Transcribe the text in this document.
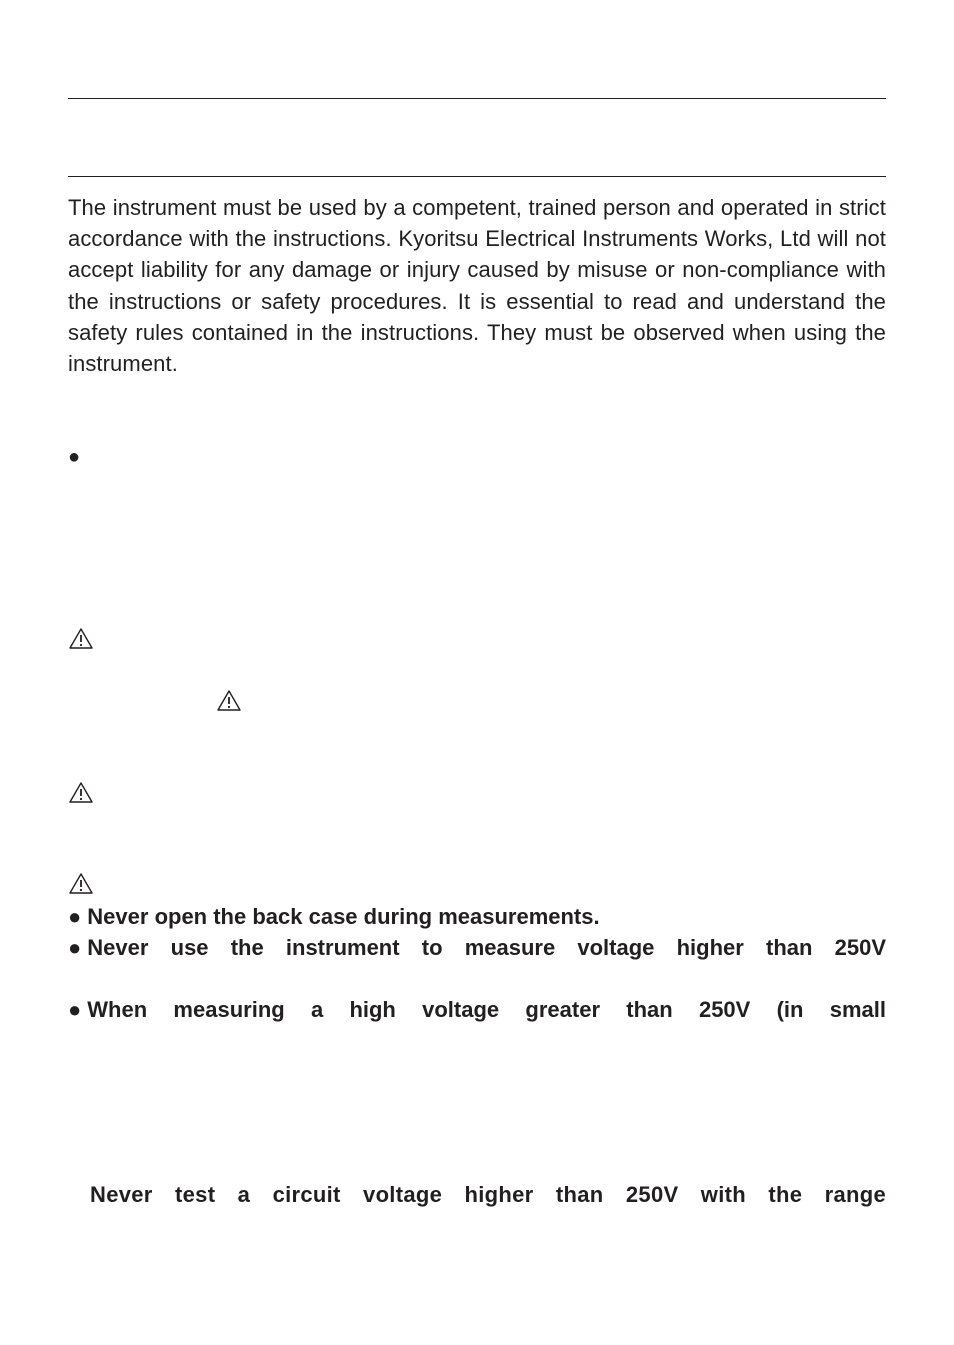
The instrument must be used by a competent, trained person and operated in strict accordance with the instructions. Kyoritsu Electrical Instruments Works, Ltd will not accept liability for any damage or injury caused by misuse or non-compliance with the instructions or safety procedures. It is essential to read and understand the safety rules contained in the instructions. They must be observed when using the instrument.

●
● Never open the back case during measurements.
● Never use the instrument to measure voltage higher than 250V
● When measuring a high voltage greater than 250V (in small
Never test a circuit voltage higher than 250V with the range
